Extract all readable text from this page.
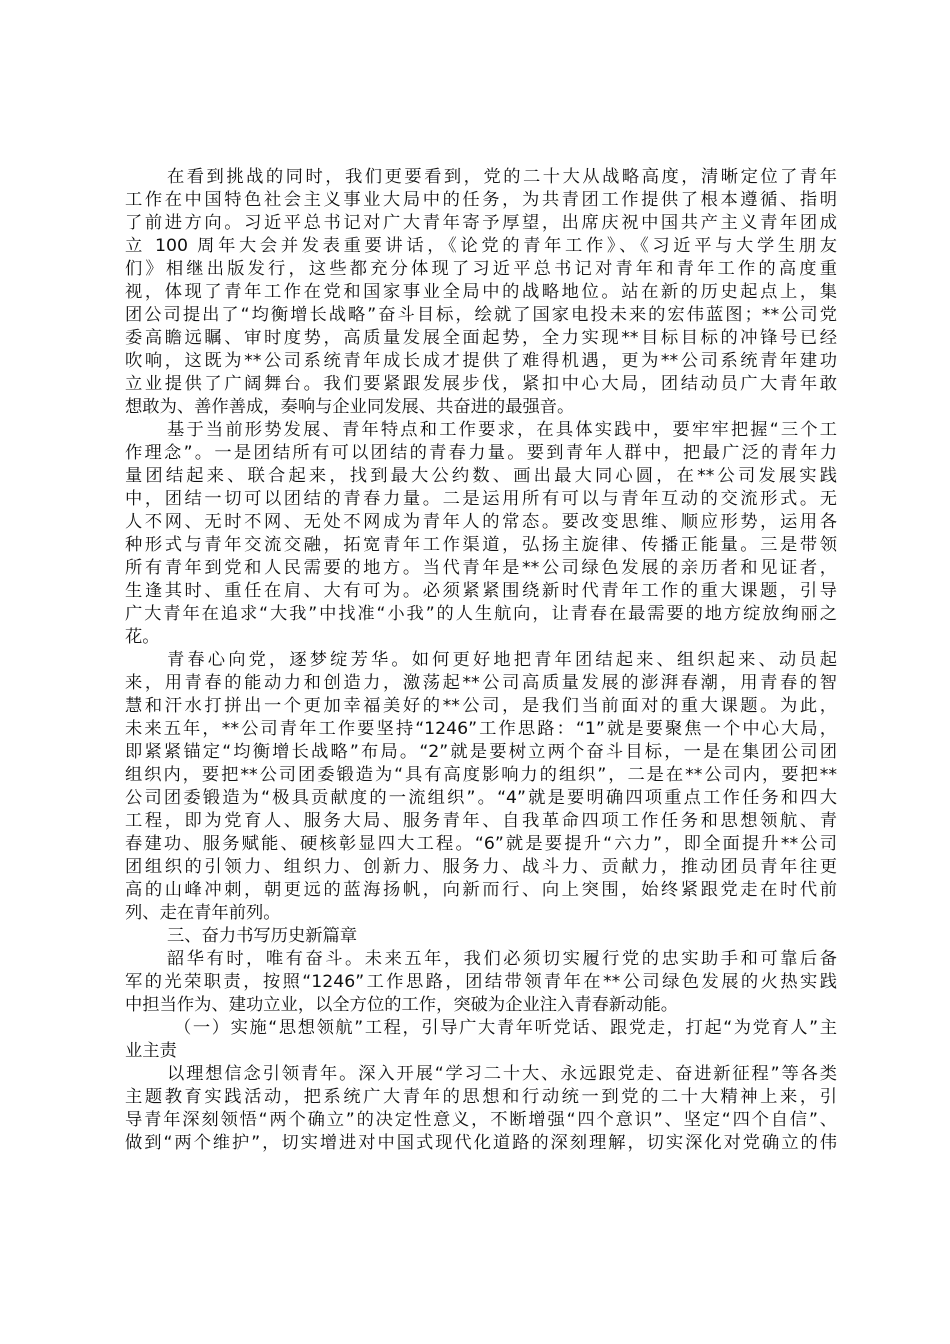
在看到挑战的同时，我们更要看到，党的二十大从战略高度，清晰定位了青年
工作在中国特色社会主义事业大局中的任务，为共青团工作提供了根本遵循、指明
了前进方向。习近平总书记对广大青年寄予厚望，出席庆祝中国共产主义青年团成
立 100 周年大会并发表重要讲话，《论党的青年工作》、《习近平与大学生朋友
们》相继出版发行，这些都充分体现了习近平总书记对青年和青年工作的高度重
视，体现了青年工作在党和国家事业全局中的战略地位。站在新的历史起点上，集
团公司提出了“均衡增长战略”奋斗目标，绘就了国家电投未来的宏伟蓝图；**公司党
委高瞻远瞩、审时度势，高质量发展全面起势，全力实现**目标目标的冲锋号已经
吹响，这既为**公司系统青年成长成才提供了难得机遇，更为**公司系统青年建功
立业提供了广阔舞台。我们要紧跟发展步伐，紧扣中心大局，团结动员广大青年敢
想敢为、善作善成，奏响与企业同发展、共奋进的最强音。
基于当前形势发展、青年特点和工作要求，在具体实践中，要牢牢把握“三个工
作理念”。一是团结所有可以团结的青春力量。要到青年人群中，把最广泛的青年力
量团结起来、联合起来，找到最大公约数、画出最大同心圆，在**公司发展实践
中，团结一切可以团结的青春力量。二是运用所有可以与青年互动的交流形式。无
人不网、无时不网、无处不网成为青年人的常态。要改变思维、顺应形势，运用各
种形式与青年交流交融，拓宽青年工作渠道，弘扬主旋律、传播正能量。三是带领
所有青年到党和人民需要的地方。当代青年是**公司绿色发展的亲历者和见证者，
生逢其时、重任在肩、大有可为。必须紧紧围绕新时代青年工作的重大课题，引导
广大青年在追求“大我”中找准“小我”的人生航向，让青春在最需要的地方绽放绚丽之
花。
青春心向党，逐梦绽芳华。如何更好地把青年团结起来、组织起来、动员起
来，用青春的能动力和创造力，激荡起**公司高质量发展的澎湃春潮，用青春的智
慧和汗水打拼出一个更加幸福美好的**公司，是我们当前面对的重大课题。为此，
未来五年，**公司青年工作要坚持“1246”工作思路：“1”就是要聚焦一个中心大局，
即紧紧锚定“均衡增长战略”布局。“2”就是要树立两个奋斗目标，一是在集团公司团
组织内，要把**公司团委锻造为“具有高度影响力的组织”，二是在**公司内，要把**
公司团委锻造为“极具贡献度的一流组织”。“4”就是要明确四项重点工作任务和四大
工程，即为党育人、服务大局、服务青年、自我革命四项工作任务和思想领航、青
春建功、服务赋能、硬核彰显四大工程。“6”就是要提升“六力”，即全面提升**公司
团组织的引领力、组织力、创新力、服务力、战斗力、贡献力，推动团员青年往更
高的山峰冲刺，朝更远的蓝海扬帆，向新而行、向上突围，始终紧跟党走在时代前
列、走在青年前列。
三、奋力书写历史新篇章
韶华有时，唯有奋斗。未来五年，我们必须切实履行党的忠实助手和可靠后备
军的光荣职责，按照“1246”工作思路，团结带领青年在**公司绿色发展的火热实践
中担当作为、建功立业，以全方位的工作，突破为企业注入青春新动能。
（一）实施“思想领航”工程，引导广大青年听党话、跟党走，打起“为党育人”主
业主责
以理想信念引领青年。深入开展“学习二十大、永远跟党走、奋进新征程”等各类
主题教育实践活动，把系统广大青年的思想和行动统一到党的二十大精神上来，引
导青年深刻领悟“两个确立”的决定性意义，不断增强“四个意识”、坚定“四个自信”、
做到“两个维护”，切实增进对中国式现代化道路的深刻理解，切实深化对党确立的伟
